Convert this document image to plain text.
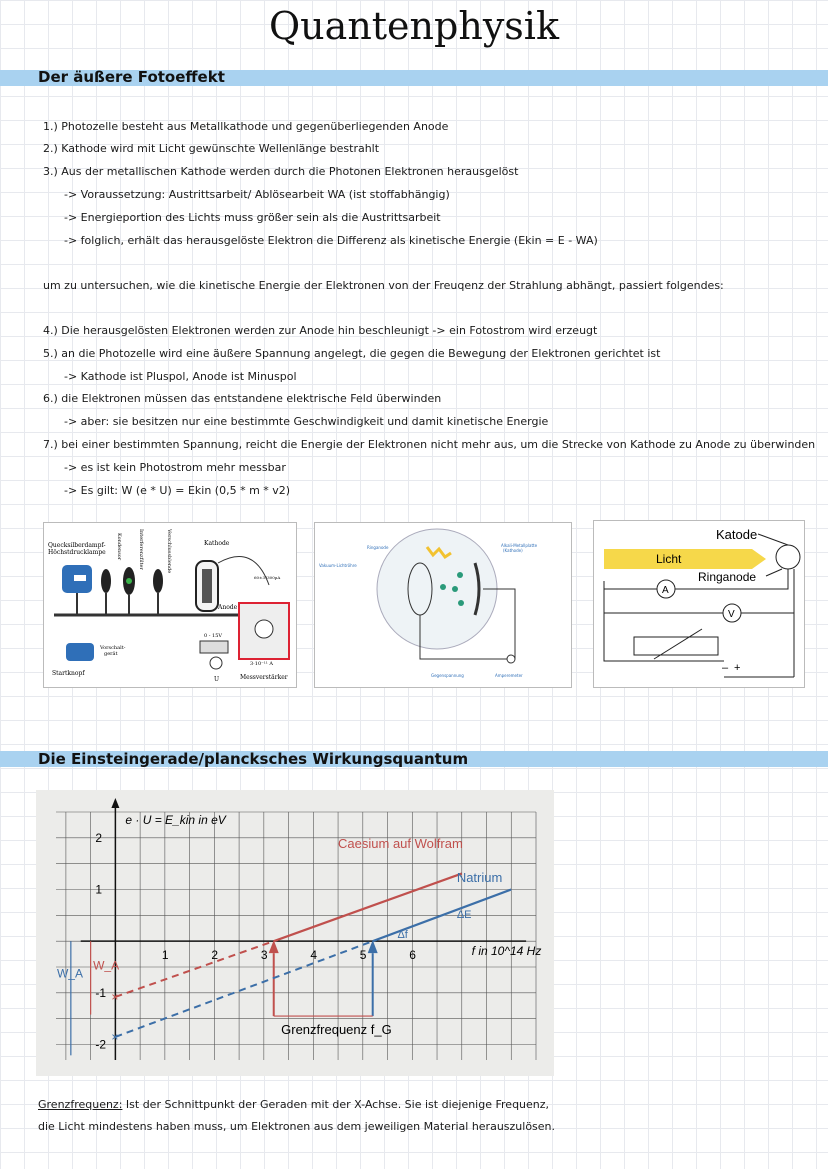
Quantenphysik
Der äußere Fotoeffekt
1.) Photozelle besteht aus Metallkathode und gegenüberliegenden Anode
2.) Kathode wird mit Licht gewünschte Wellenlänge bestrahlt
3.) Aus der metallischen Kathode werden durch die Photonen Elektronen herausgelöst
-> Voraussetzung: Austrittsarbeit/ Ablösearbeit WA (ist stoffabhängig)
-> Energieportion des Lichts muss größer sein als die Austrittsarbeit
-> folglich, erhält das herausgelöste Elektron die Differenz als kinetische Energie (Ekin = E - WA)
um zu untersuchen, wie die kinetische Energie der Elektronen von der Freuqenz der Strahlung abhängt, passiert folgendes:
4.) Die herausgelösten Elektronen werden zur Anode hin beschleunigt -> ein Fotostrom wird erzeugt
5.) an die Photozelle wird eine äußere Spannung angelegt, die gegen die Bewegung der Elektronen gerichtet ist
-> Kathode ist Pluspol, Anode ist Minuspol
6.) die Elektronen müssen das entstandene elektrische Feld überwinden
-> aber: sie besitzen nur eine bestimmte Geschwindigkeit und damit kinetische Energie
7.) bei einer bestimmten Spannung, reicht die Energie der Elektronen nicht mehr aus, um die Strecke von Kathode zu Anode zu überwinden
-> es ist kein Photostrom mehr messbar
-> Es gilt: W (e * U) = Ekin (0,5 * m * v2)
Quecksilberdampf-Höchstdrucklampe Kondensor	Interferenzfilter	Verschlussblende	Kathode
Anode
60±3?300µA
3·10⁻¹¹ A
0 - 15V
U
Vorschalt-gerät
Startknopf
Messverstärker
Ringanode	Alkali-Metallplatte (Kathode)
Vakuum-Lichtröhre
Gegenspannung	Amperemeter
Katode
Licht
Ringanode
A
V
– +
Die Einsteingerade/plancksches Wirkungsquantum
×
Caesium auf Wolfram
×
Natrium
1	2	3	4	5	6
2
1
-1
-2
e · U = E_kin in eV
f in 10^14 Hz
Grenzfrequenz f_G
ΔE
Δf
W_A
W_A
Grenzfrequenz: Ist der Schnittpunkt der Geraden mit der X-Achse. Sie ist diejenige Frequenz,
die Licht mindestens haben muss, um Elektronen aus dem jeweiligen Material herauszulösen.
